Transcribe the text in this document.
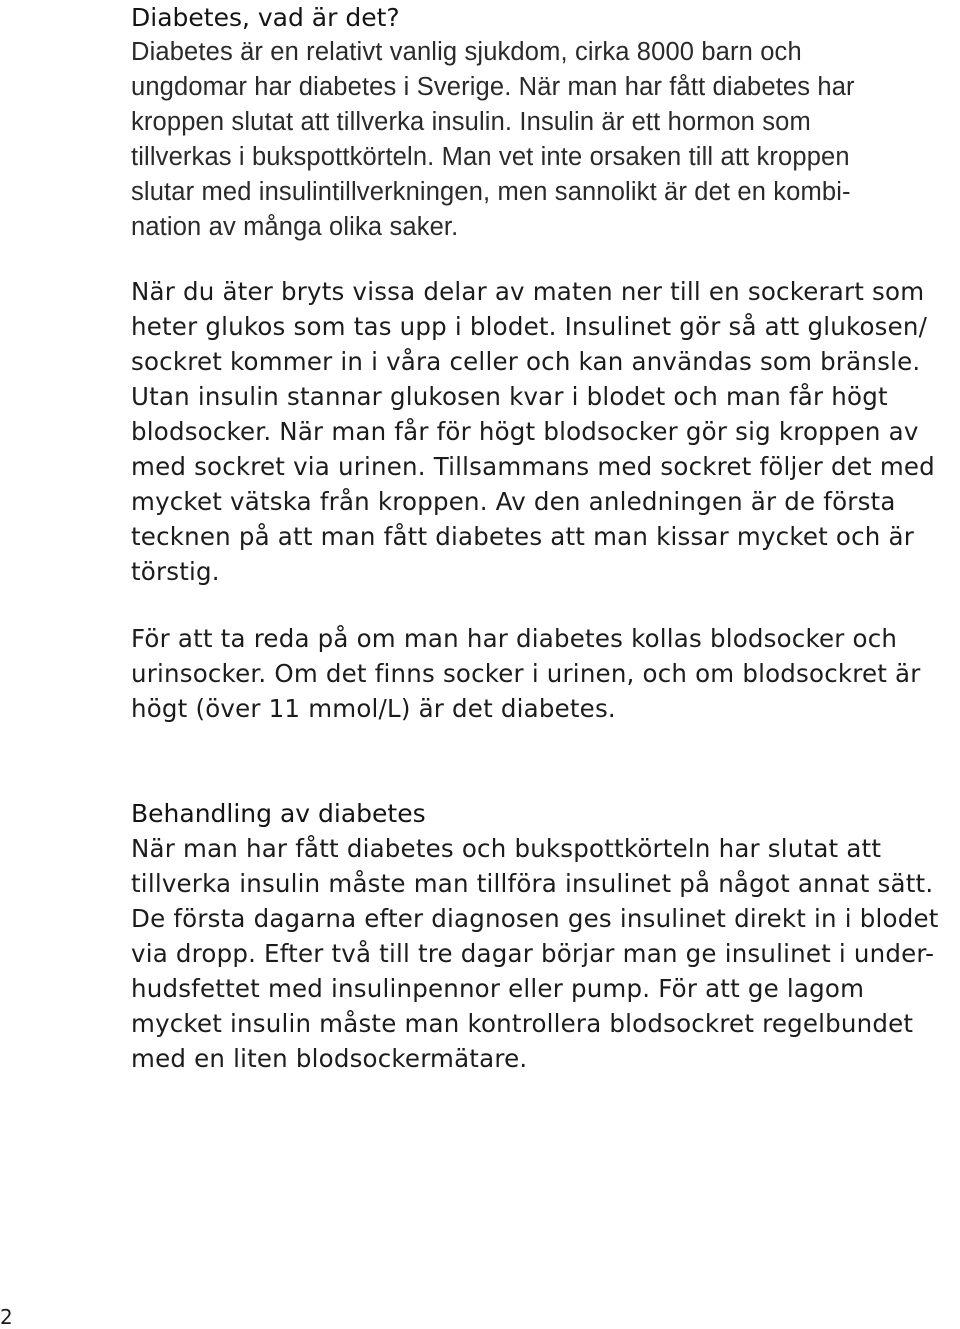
Diabetes, vad är det?
Diabetes är en relativt vanlig sjukdom, cirka 8000 barn och
ungdomar har diabetes i Sverige. När man har fått diabetes har
kroppen slutat att tillverka insulin. Insulin är ett hormon som
tillverkas i bukspottkörteln. Man vet inte orsaken till att kroppen
slutar med insulintillverkningen, men sannolikt är det en kombi-
nation av många olika saker.
När du äter bryts vissa delar av maten ner till en sockerart som
heter glukos som tas upp i blodet. Insulinet gör så att glukosen/
sockret kommer in i våra celler och kan användas som bränsle.
Utan insulin stannar glukosen kvar i blodet och man får högt
blodsocker. När man får för högt blodsocker gör sig kroppen av
med sockret via urinen. Tillsammans med sockret följer det med
mycket vätska från kroppen. Av den anledningen är de första
tecknen på att man fått diabetes att man kissar mycket och är
törstig.
För att ta reda på om man har diabetes kollas blodsocker och
urinsocker. Om det finns socker i urinen, och om blodsockret är
högt (över 11 mmol/L) är det diabetes.
Behandling av diabetes
När man har fått diabetes och bukspottkörteln har slutat att
tillverka insulin måste man tillföra insulinet på något annat sätt.
De första dagarna efter diagnosen ges insulinet direkt in i blodet
via dropp. Efter två till tre dagar börjar man ge insulinet i under-
hudsfettet med insulinpennor eller pump. För att ge lagom
mycket insulin måste man kontrollera blodsockret regelbundet
med en liten blodsockermätare.
2
